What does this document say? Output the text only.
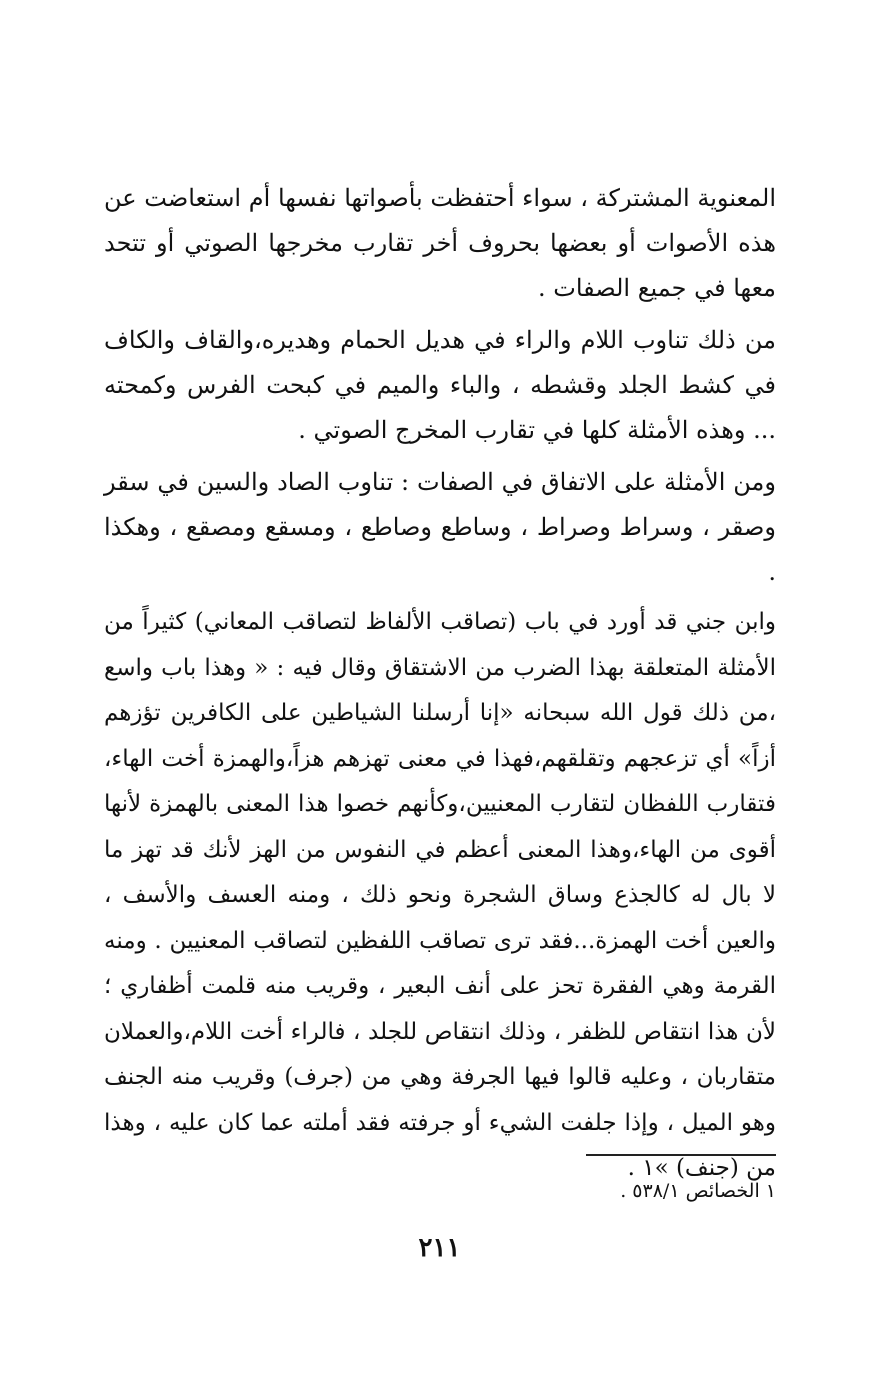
المعنوية المشتركة ، سواء أحتفظت بأصواتها نفسها أم استعاضت عن هذه الأصوات أو بعضها بحروف أخر تقارب مخرجها الصوتي أو تتحد معها في جميع الصفات .

من ذلك تناوب اللام والراء في هديل الحمام وهديره،والقاف والكاف في كشط الجلد وقشطه ، والباء والميم في كبحت الفرس وكمحته ... وهذه الأمثلة كلها في تقارب المخرج الصوتي .

ومن الأمثلة على الاتفاق في الصفات : تناوب الصاد والسين في سقر وصقر ، وسراط وصراط ، وساطع وصاطع ، ومسقع ومصقع ، وهكذا .

وابن جني قد أورد في باب (تصاقب الألفاظ لتصاقب المعاني) كثيراً من الأمثلة المتعلقة بهذا الضرب من الاشتقاق وقال فيه : « وهذا باب واسع ،من ذلك قول الله سبحانه «إنا أرسلنا الشياطين على الكافرين تؤزهم أزاً» أي تزعجهم وتقلقهم،فهذا في معنى تهزهم هزاً،والهمزة أخت الهاء، فتقارب اللفظان لتقارب المعنيين،وكأنهم خصوا هذا المعنى بالهمزة لأنها أقوى من الهاء،وهذا المعنى أعظم في النفوس من الهز لأنك قد تهز ما لا بال له كالجذع وساق الشجرة ونحو ذلك ، ومنه العسف والأسف ، والعين أخت الهمزة...فقد ترى تصاقب اللفظين لتصاقب المعنيين . ومنه القرمة وهي الفقرة تحز على أنف البعير ، وقريب منه قلمت أظفاري ؛ لأن هذا انتقاص للظفر ، وذلك انتقاص للجلد ، فالراء أخت اللام،والعملان متقاربان ، وعليه قالوا فيها الجرفة وهي من (جرف) وقريب منه الجنف وهو الميل ، وإذا جلفت الشيء أو جرفته فقد أملته عما كان عليه ، وهذا من (جنف) »١ .

١ الخصائص ٥٣٨/١ .
٢١١
